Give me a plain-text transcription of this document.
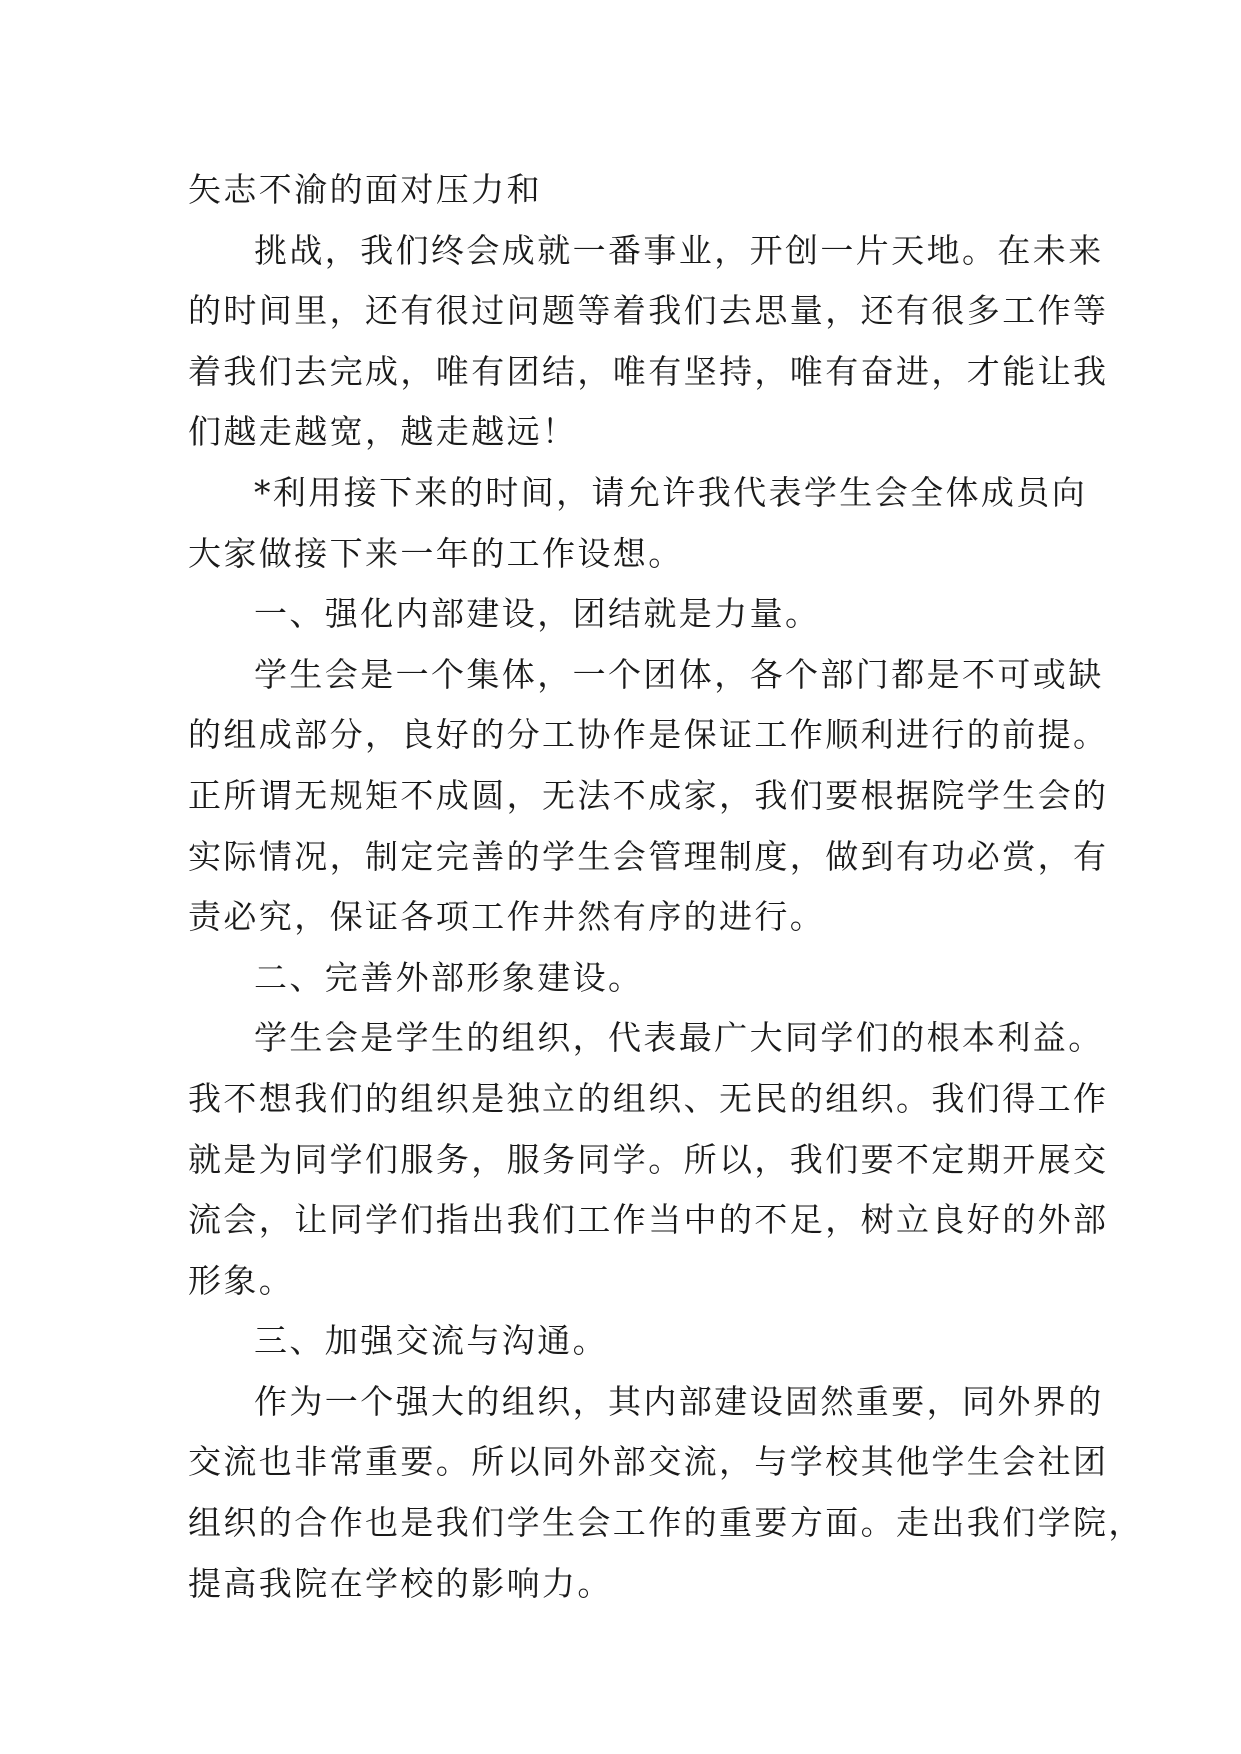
矢志不渝的面对压力和
挑战，我们终会成就一番事业，开创一片天地。在未来
的时间里，还有很过问题等着我们去思量，还有很多工作等
着我们去完成，唯有团结，唯有坚持，唯有奋进，才能让我
们越走越宽，越走越远！
*利用接下来的时间，请允许我代表学生会全体成员向
大家做接下来一年的工作设想。
一、强化内部建设，团结就是力量。
学生会是一个集体，一个团体，各个部门都是不可或缺
的组成部分，良好的分工协作是保证工作顺利进行的前提。
正所谓无规矩不成圆，无法不成家，我们要根据院学生会的
实际情况，制定完善的学生会管理制度，做到有功必赏，有
责必究，保证各项工作井然有序的进行。
二、完善外部形象建设。
学生会是学生的组织，代表最广大同学们的根本利益。
我不想我们的组织是独立的组织、无民的组织。我们得工作
就是为同学们服务，服务同学。所以，我们要不定期开展交
流会，让同学们指出我们工作当中的不足，树立良好的外部
形象。
三、加强交流与沟通。
作为一个强大的组织，其内部建设固然重要，同外界的
交流也非常重要。所以同外部交流，与学校其他学生会社团
组织的合作也是我们学生会工作的重要方面。走出我们学院，
提高我院在学校的影响力。
